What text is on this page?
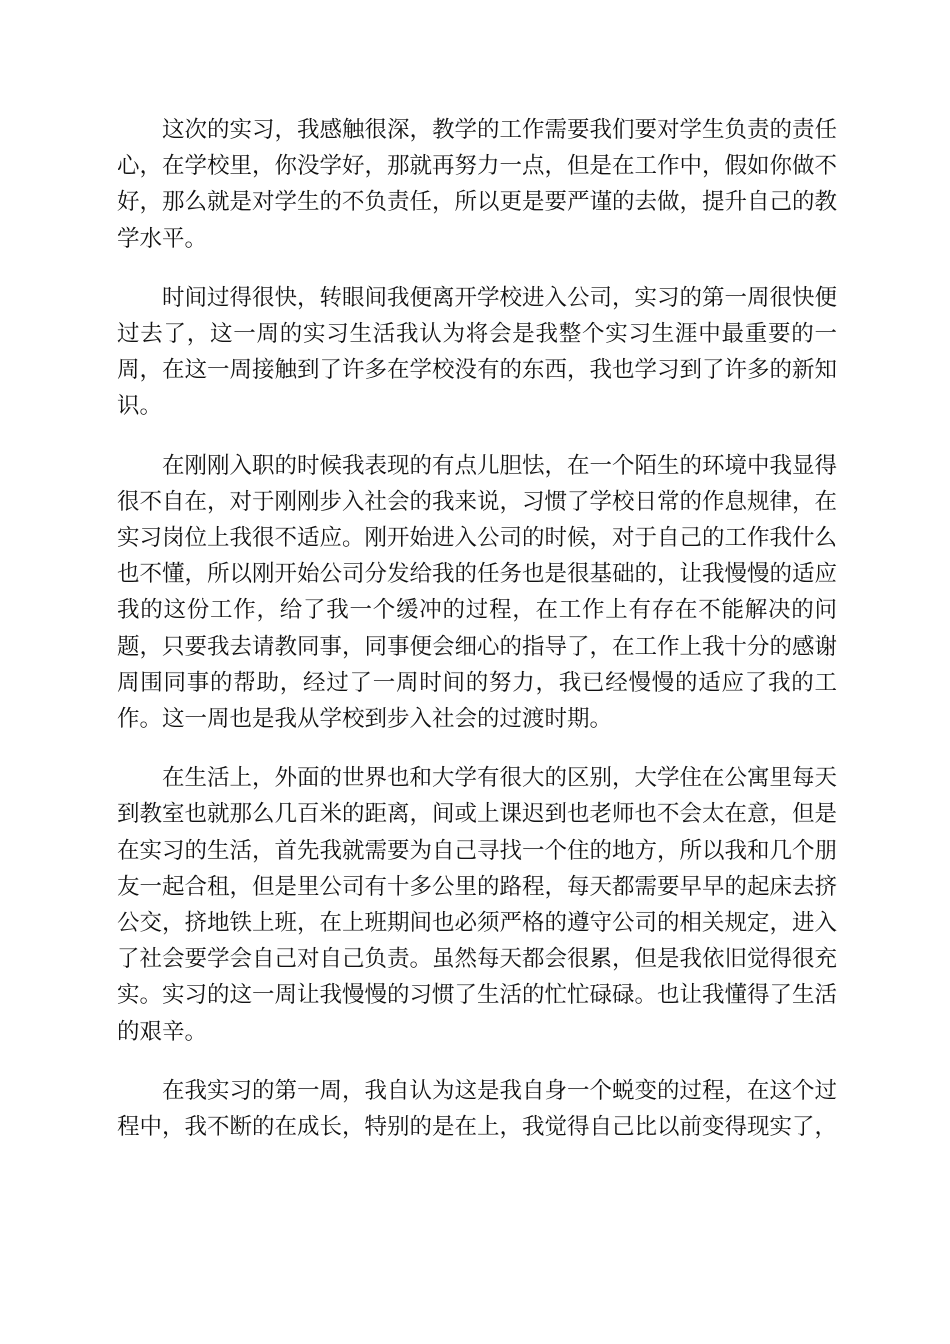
这次的实习，我感触很深，教学的工作需要我们要对学生负责的责任心，在学校里，你没学好，那就再努力一点，但是在工作中，假如你做不好，那么就是对学生的不负责任，所以更是要严谨的去做，提升自己的教学水平。

时间过得很快，转眼间我便离开学校进入公司，实习的第一周很快便过去了，这一周的实习生活我认为将会是我整个实习生涯中最重要的一周，在这一周接触到了许多在学校没有的东西，我也学习到了许多的新知识。

在刚刚入职的时候我表现的有点儿胆怯，在一个陌生的环境中我显得很不自在，对于刚刚步入社会的我来说，习惯了学校日常的作息规律，在实习岗位上我很不适应。刚开始进入公司的时候，对于自己的工作我什么也不懂，所以刚开始公司分发给我的任务也是很基础的，让我慢慢的适应我的这份工作，给了我一个缓冲的过程，在工作上有存在不能解决的问题，只要我去请教同事，同事便会细心的指导了，在工作上我十分的感谢周围同事的帮助，经过了一周时间的努力，我已经慢慢的适应了我的工作。这一周也是我从学校到步入社会的过渡时期。

在生活上，外面的世界也和大学有很大的区别，大学住在公寓里每天到教室也就那么几百米的距离，间或上课迟到也老师也不会太在意，但是在实习的生活，首先我就需要为自己寻找一个住的地方，所以我和几个朋友一起合租，但是里公司有十多公里的路程，每天都需要早早的起床去挤公交，挤地铁上班，在上班期间也必须严格的遵守公司的相关规定，进入了社会要学会自己对自己负责。虽然每天都会很累，但是我依旧觉得很充实。实习的这一周让我慢慢的习惯了生活的忙忙碌碌。也让我懂得了生活的艰辛。

在我实习的第一周，我自认为这是我自身一个蜕变的过程，在这个过程中，我不断的在成长，特别的是在上，我觉得自己比以前变得现实了，
